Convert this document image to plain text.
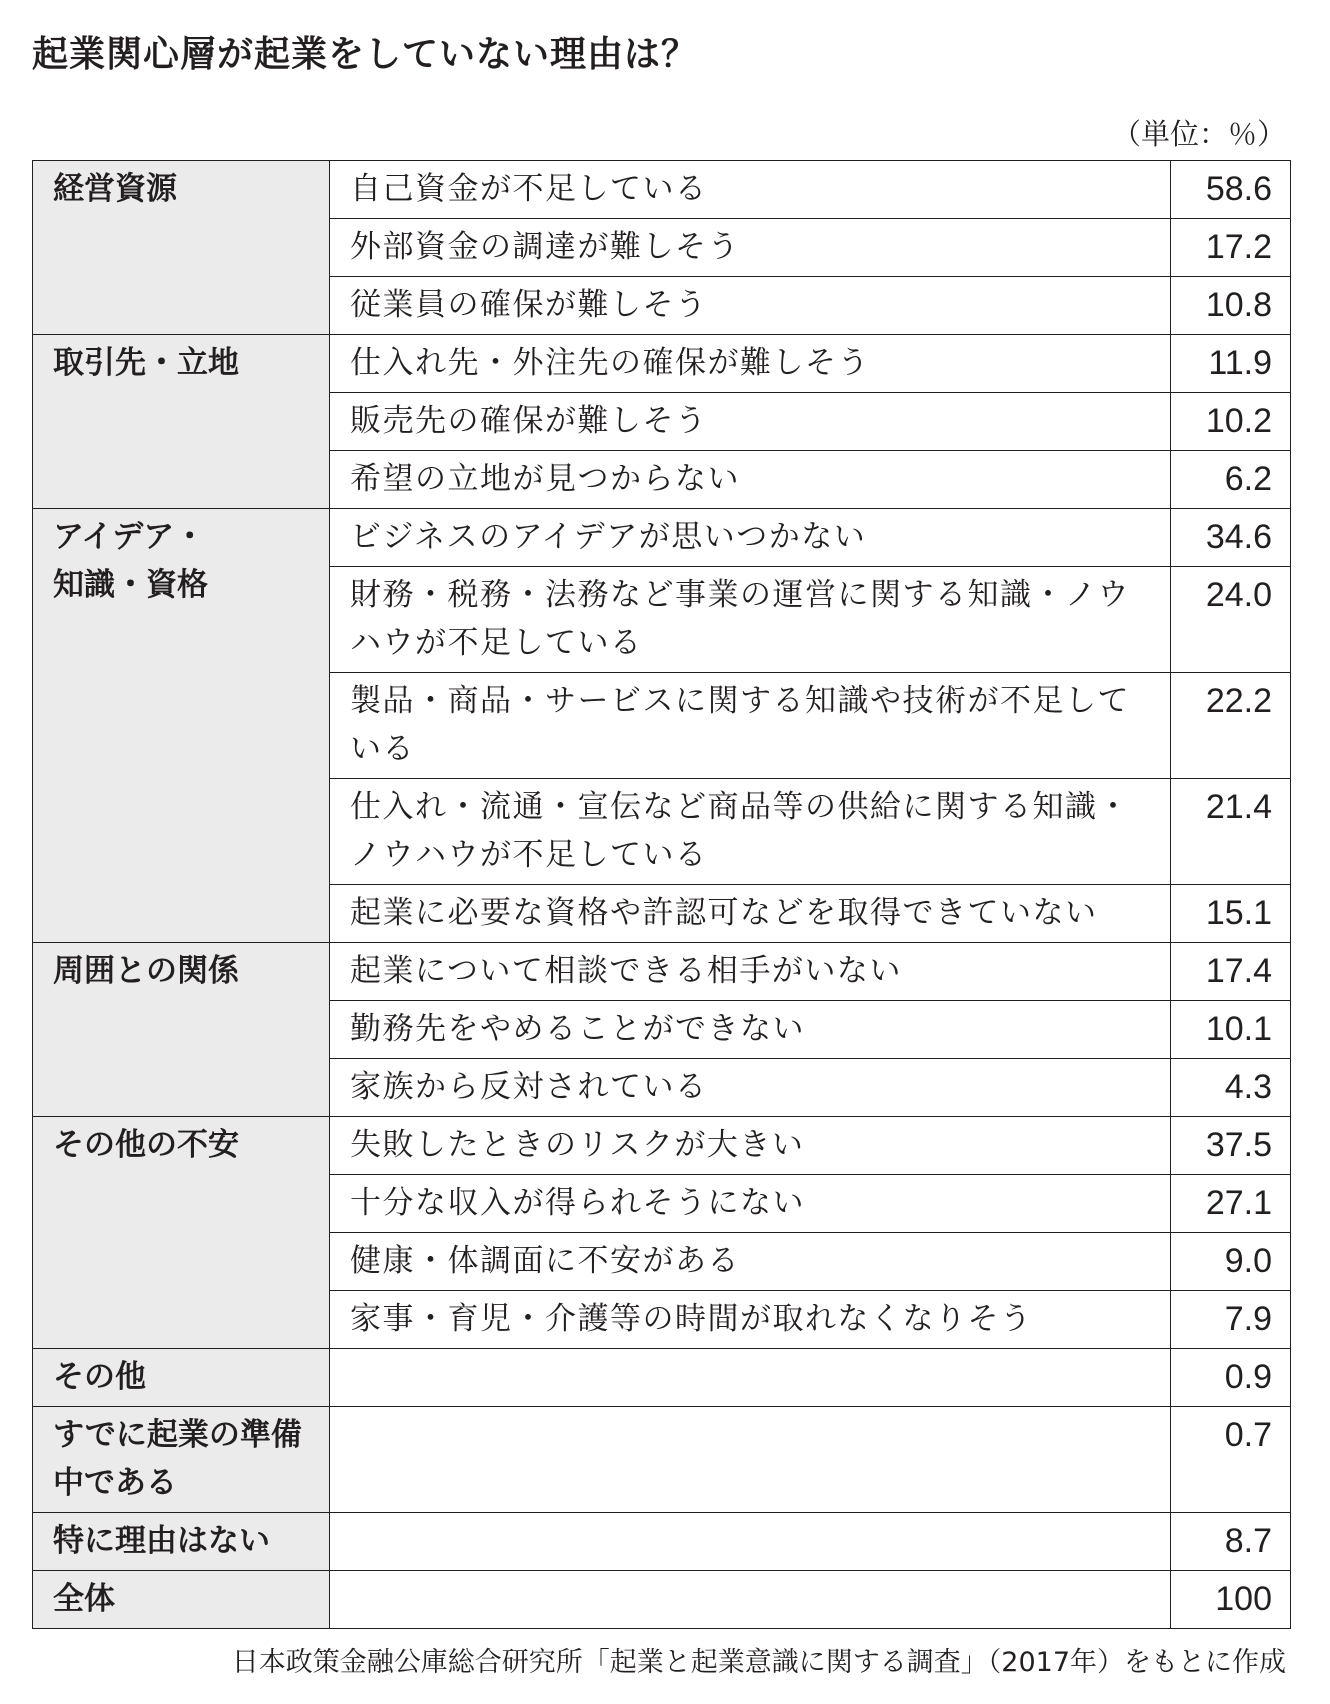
起業関心層が起業をしていない理由は？
（単位：％）
経営資源	自己資金が不足している	58.6
	外部資金の調達が難しそう	17.2
	従業員の確保が難しそう	10.8
取引先・立地	仕入れ先・外注先の確保が難しそう	11.9
	販売先の確保が難しそう	10.2
	希望の立地が見つからない	6.2
アイデア・
知識・資格	ビジネスのアイデアが思いつかない	34.6
	財務・税務・法務など事業の運営に関する知識・ノウハウが不足している	24.0
	製品・商品・サービスに関する知識や技術が不足している	22.2
	仕入れ・流通・宣伝など商品等の供給に関する知識・ノウハウが不足している	21.4
	起業に必要な資格や許認可などを取得できていない	15.1
周囲との関係	起業について相談できる相手がいない	17.4
	勤務先をやめることができない	10.1
	家族から反対されている	4.3
その他の不安	失敗したときのリスクが大きい	37.5
	十分な収入が得られそうにない	27.1
	健康・体調面に不安がある	9.0
	家事・育児・介護等の時間が取れなくなりそう	7.9
その他		0.9
すでに起業の準備中である		0.7
特に理由はない		8.7
全体		100
日本政策金融公庫総合研究所「起業と起業意識に関する調査」（2017年）をもとに作成
